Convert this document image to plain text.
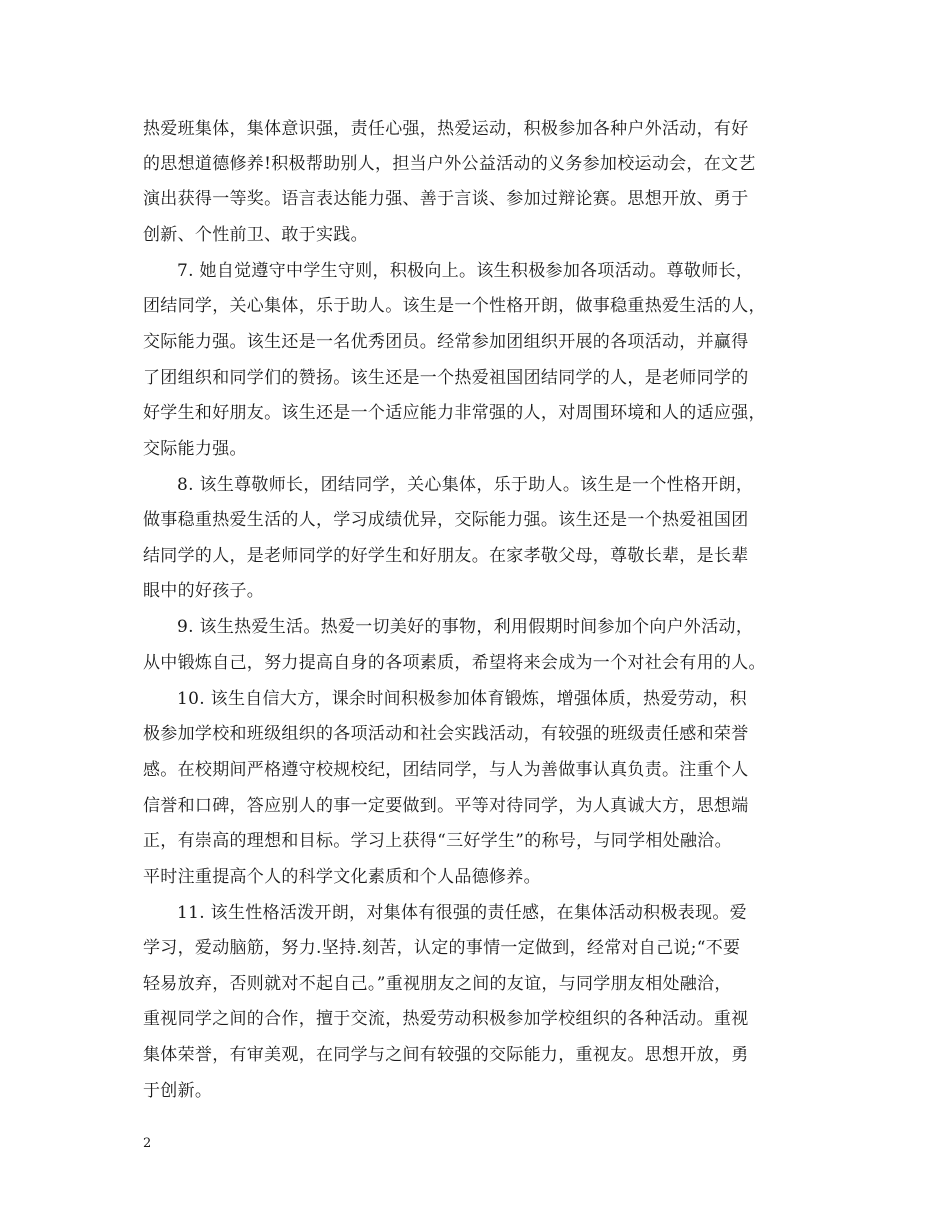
热爱班集体，集体意识强，责任心强，热爱运动，积极参加各种户外活动，有好
的思想道德修养!积极帮助别人，担当户外公益活动的义务参加校运动会，在文艺
演出获得一等奖。语言表达能力强、善于言谈、参加过辩论赛。思想开放、勇于
创新、个性前卫、敢于实践。
7. 她自觉遵守中学生守则，积极向上。该生积极参加各项活动。尊敬师长，
团结同学，关心集体，乐于助人。该生是一个性格开朗，做事稳重热爱生活的人，
交际能力强。该生还是一名优秀团员。经常参加团组织开展的各项活动，并赢得
了团组织和同学们的赞扬。该生还是一个热爱祖国团结同学的人，是老师同学的
好学生和好朋友。该生还是一个适应能力非常强的人，对周围环境和人的适应强，
交际能力强。
8. 该生尊敬师长，团结同学，关心集体，乐于助人。该生是一个性格开朗，
做事稳重热爱生活的人，学习成绩优异，交际能力强。该生还是一个热爱祖国团
结同学的人，是老师同学的好学生和好朋友。在家孝敬父母，尊敬长辈，是长辈
眼中的好孩子。
9. 该生热爱生活。热爱一切美好的事物，利用假期时间参加个向户外活动，
从中锻炼自己，努力提高自身的各项素质，希望将来会成为一个对社会有用的人。
10. 该生自信大方，课余时间积极参加体育锻炼，增强体质，热爱劳动，积
极参加学校和班级组织的各项活动和社会实践活动，有较强的班级责任感和荣誉
感。在校期间严格遵守校规校纪，团结同学，与人为善做事认真负责。注重个人
信誉和口碑，答应别人的事一定要做到。平等对待同学，为人真诚大方，思想端
正，有崇高的理想和目标。学习上获得“三好学生”的称号，与同学相处融洽。
平时注重提高个人的科学文化素质和个人品德修养。
11. 该生性格活泼开朗，对集体有很强的责任感，在集体活动积极表现。爱
学习，爱动脑筋，努力.坚持.刻苦，认定的事情一定做到，经常对自己说;“不要
轻易放弃，否则就对不起自己。”重视朋友之间的友谊，与同学朋友相处融洽，
重视同学之间的合作，擅于交流，热爱劳动积极参加学校组织的各种活动。重视
集体荣誉，有审美观，在同学与之间有较强的交际能力，重视友。思想开放，勇
于创新。
2
